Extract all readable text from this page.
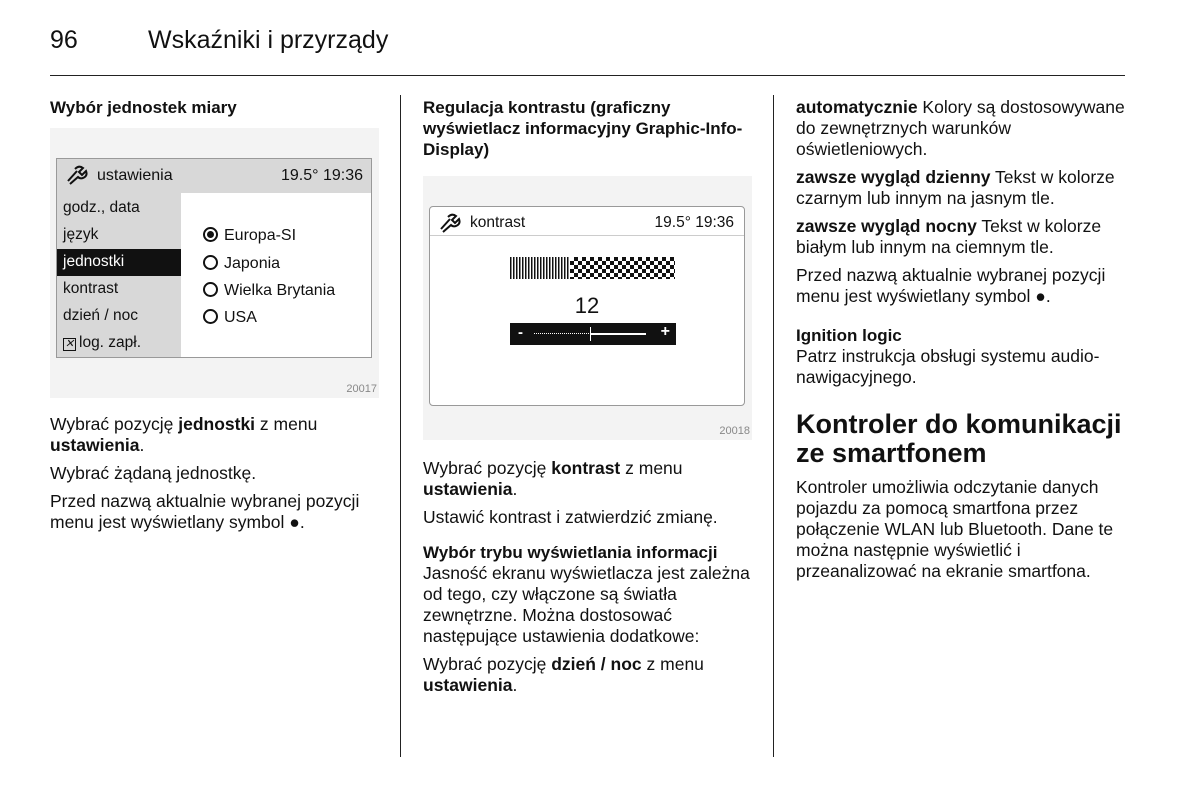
96	Wskaźniki i przyrządy
Wybór jednostek miary
ustawienia	19.5° 19:36
godz., data
język
jednostki
kontrast
dzień / noc
✕ log. zapł.
Europa-SI
Japonia
Wielka Brytania
USA
20017

Wybrać pozycję jednostki z menu
ustawienia.

Wybrać żądaną jednostkę.

Przed nazwą aktualnie wybranej pozycji menu jest wyświetlany symbol ●.

Regulacja kontrastu (graficzny wyświetlacz informacyjny Graphic-Info-Display)
kontrast	19.5° 19:36
12
-	+
20018

Wybrać pozycję kontrast z menu
ustawienia.

Ustawić kontrast i zatwierdzić zmianę.

Wybór trybu wyświetlania informacji

Jasność ekranu wyświetlacza jest zależna od tego, czy włączone są światła zewnętrzne. Można dostosować następujące ustawienia dodatkowe:

Wybrać pozycję dzień / noc z menu
ustawienia.

automatycznie Kolory są dostosowywane do zewnętrznych warunków oświetleniowych.

zawsze wygląd dzienny Tekst w kolorze czarnym lub innym na jasnym tle.

zawsze wygląd nocny Tekst w kolorze białym lub innym na ciemnym tle.

Przed nazwą aktualnie wybranej pozycji menu jest wyświetlany symbol ●.

Ignition logic

Patrz instrukcja obsługi systemu audio-nawigacyjnego.

Kontroler do komunikacji ze smartfonem

Kontroler umożliwia odczytanie danych pojazdu za pomocą smartfona przez połączenie WLAN lub Bluetooth. Dane te można następnie wyświetlić i przeanalizować na ekranie smartfona.
